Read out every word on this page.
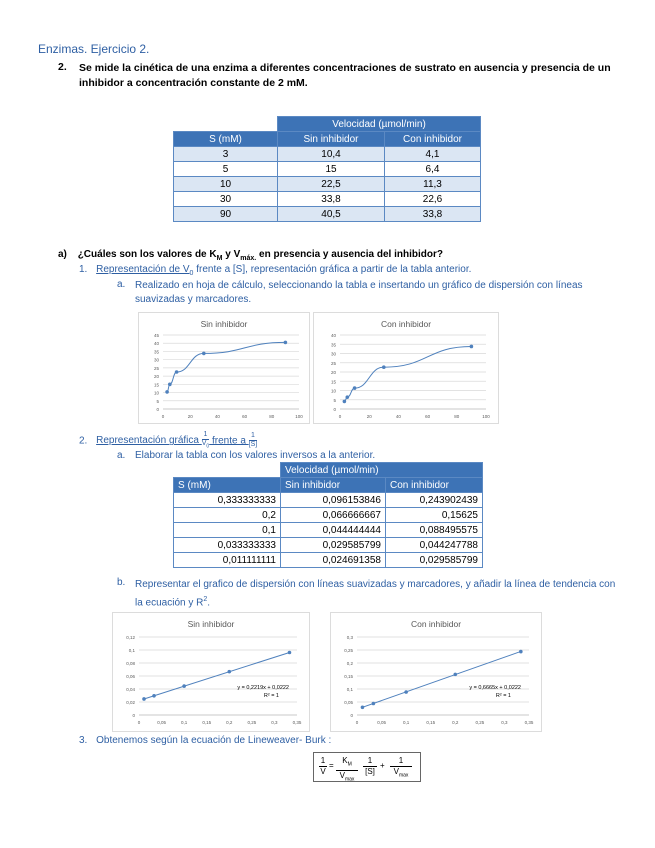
Enzimas. Ejercicio 2.
2. Se mide la cinética de una enzima a diferentes concentraciones de sustrato en ausencia y presencia de un inhibidor a concentración constante de 2 mM.
	Velocidad (µmol/min)	
S (mM)	Sin inhibidor	Con inhibidor
3	10,4	4,1
5	15	6,4
10	22,5	11,3
30	33,8	22,6
90	40,5	33,8
a) ¿Cuáles son los valores de $K_M$ y $V_{máx.}$ en presencia y ausencia del inhibidor?
1. Representación de $V_0$ frente a [S], representación gráfica a partir de la tabla anterior.
a. Realizado en hoja de cálculo, seleccionando la tabla e insertando un gráfico de dispersión con líneas suavizadas y marcadores.
Sin inhibidor
0
5
10
15
20
25
30
35
40
45
0	20	40	60	80	100
Con inhibidor
0
5
10
15
20
25
30
35
40
0	20	40	60	80	100
2. Representación gráfica
1
$V_0$ frente a $\frac{1}{[S]}$
a. Elaborar la tabla con los valores inversos a la anterior.
	Velocidad (µmol/min)	
S (mM)	Sin inhibidor	Con inhibidor
0,333333333	0,096153846	0,243902439
0,2	0,066666667	0,15625
0,1	0,044444444	0,088495575
0,033333333	0,029585799	0,044247788
0,011111111	0,024691358	0,029585799
b. Representar el grafico de dispersión con líneas suavizadas y marcadores, y añadir la línea de tendencia con la ecuación y $R^2$.
Sin inhibidor
0
0,02
0,04
0,06
0,08
0,1
0,12
0	0,05	0,1	0,15	0,2	0,25	0,3	0,35
y = 0,2219x + 0,0222
R² = 1
Con inhibidor
0
0,05
0,1
0,15
0,2
0,25
0,3
0	0,05	0,1	0,15	0,2	0,25	0,3	0,35
y = 0,6665x + 0,0222
R² = 1
3. Obtenemos según la ecuación de Lineweaver- Burk :
$\frac{1}{V}$ =
$K_M$
$V_{max}$
1
[S]
+
1
$V_{max}$
